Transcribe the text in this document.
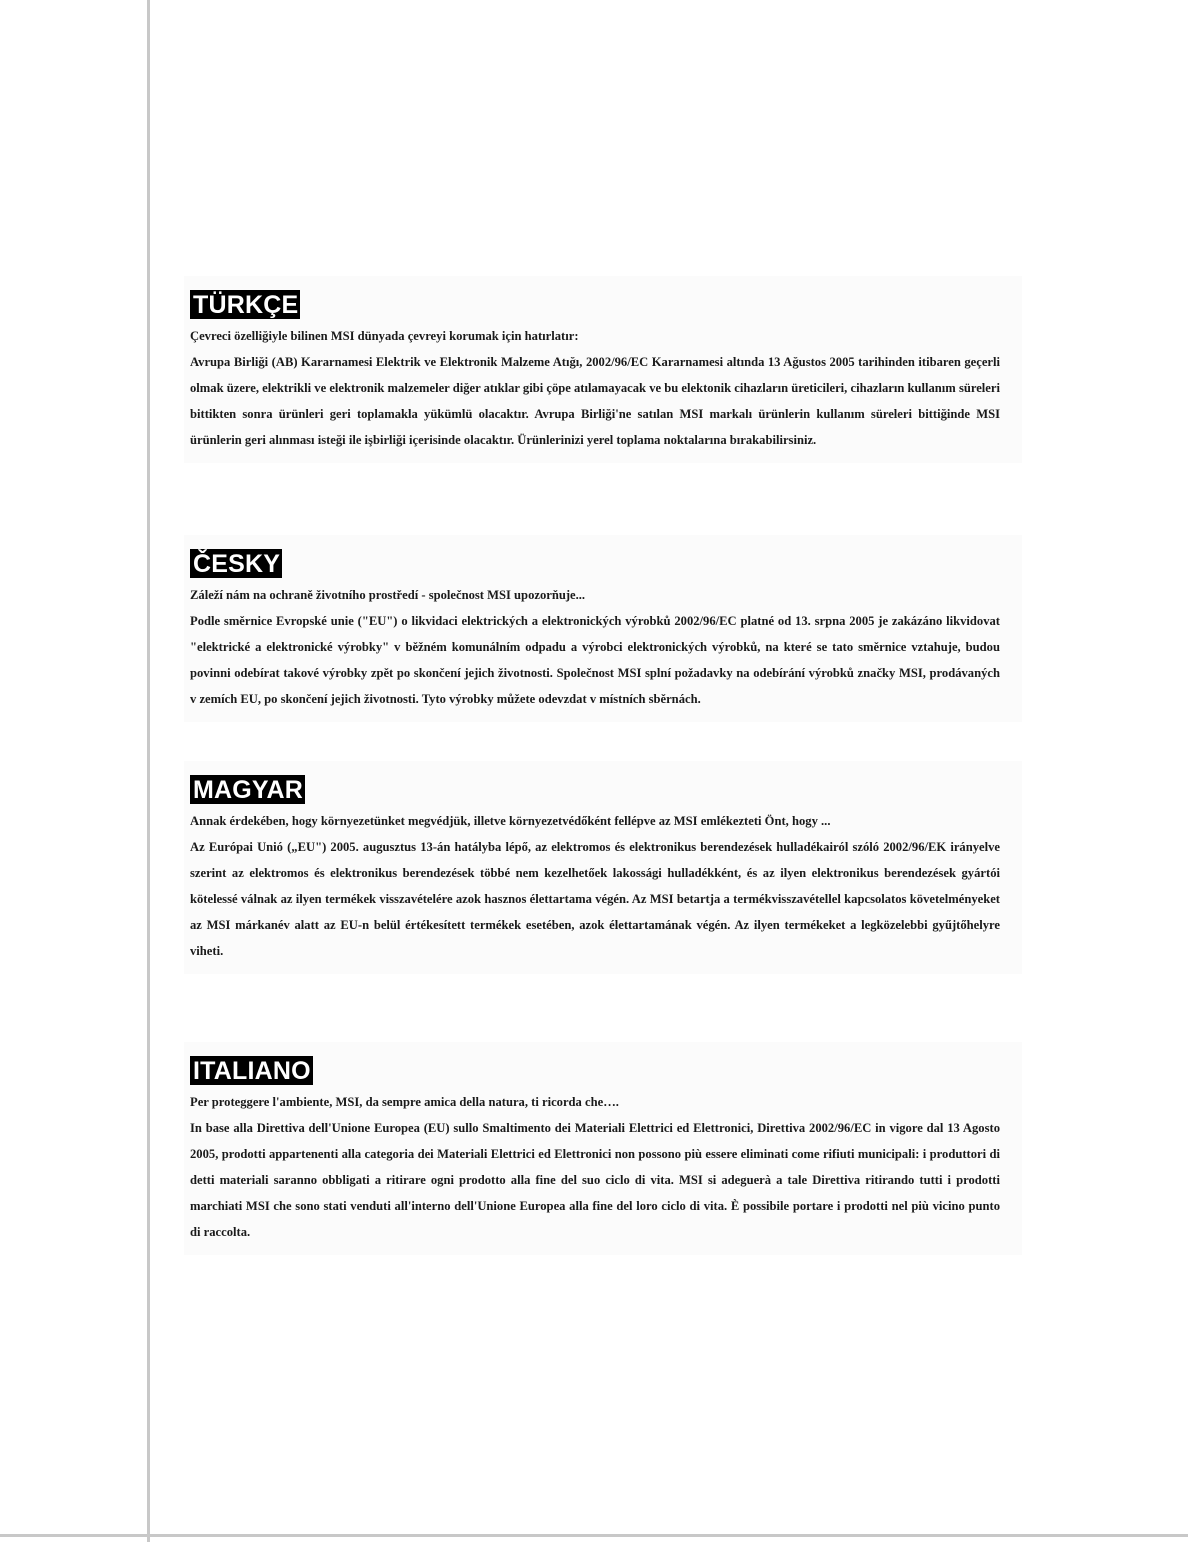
TÜRKÇE

Çevreci özelliğiyle bilinen MSI dünyada çevreyi korumak için hatırlatır:

Avrupa Birliği (AB) Kararnamesi Elektrik ve Elektronik Malzeme Atığı, 2002/96/EC Kararnamesi altında 13 Ağustos 2005 tarihinden itibaren geçerli olmak üzere, elektrikli ve elektronik malzemeler diğer atıklar gibi çöpe atılamayacak ve bu elektonik cihazların üreticileri, cihazların kullanım süreleri bittikten sonra ürünleri geri toplamakla yükümlü olacaktır. Avrupa Birliği'ne satılan MSI markalı ürünlerin kullanım süreleri bittiğinde MSI ürünlerin geri alınması isteği ile işbirliği içerisinde olacaktır. Ürünlerinizi yerel toplama noktalarına bırakabilirsiniz.

ČESKY

Záleží nám na ochraně životního prostředí - společnost MSI upozorňuje...

Podle směrnice Evropské unie ("EU") o likvidaci elektrických a elektronických výrobků 2002/96/EC platné od 13. srpna 2005 je zakázáno likvidovat "elektrické a elektronické výrobky" v běžném komunálním odpadu a výrobci elektronických výrobků, na které se tato směrnice vztahuje, budou povinni odebírat takové výrobky zpět po skončení jejich životnosti. Společnost MSI splní požadavky na odebírání výrobků značky MSI, prodávaných v zemích EU, po skončení jejich životnosti. Tyto výrobky můžete odevzdat v místních sběrnách.

MAGYAR

Annak érdekében, hogy környezetünket megvédjük, illetve környezetvédőként fellépve az MSI emlékezteti Önt, hogy ...

Az Európai Unió („EU") 2005. augusztus 13-án hatályba lépő, az elektromos és elektronikus berendezések hulladékairól szóló 2002/96/EK irányelve szerint az elektromos és elektronikus berendezések többé nem kezelhetőek lakossági hulladékként, és az ilyen elektronikus berendezések gyártói kötelessé válnak az ilyen termékek visszavételére azok hasznos élettartama végén. Az MSI betartja a termékvisszavétellel kapcsolatos követelményeket az MSI márkanév alatt az EU-n belül értékesített termékek esetében, azok élettartamának végén. Az ilyen termékeket a legközelebbi gyűjtőhelyre viheti.

ITALIANO

Per proteggere l'ambiente, MSI, da sempre amica della natura, ti ricorda che….

In base alla Direttiva dell'Unione Europea (EU) sullo Smaltimento dei Materiali Elettrici ed Elettronici, Direttiva 2002/96/EC in vigore dal 13 Agosto 2005, prodotti appartenenti alla categoria dei Materiali Elettrici ed Elettronici non possono più essere eliminati come rifiuti municipali: i produttori di detti materiali saranno obbligati a ritirare ogni prodotto alla fine del suo ciclo di vita. MSI si adeguerà a tale Direttiva ritirando tutti i prodotti marchiati MSI che sono stati venduti all'interno dell'Unione Europea alla fine del loro ciclo di vita. È possibile portare i prodotti nel più vicino punto di raccolta.
